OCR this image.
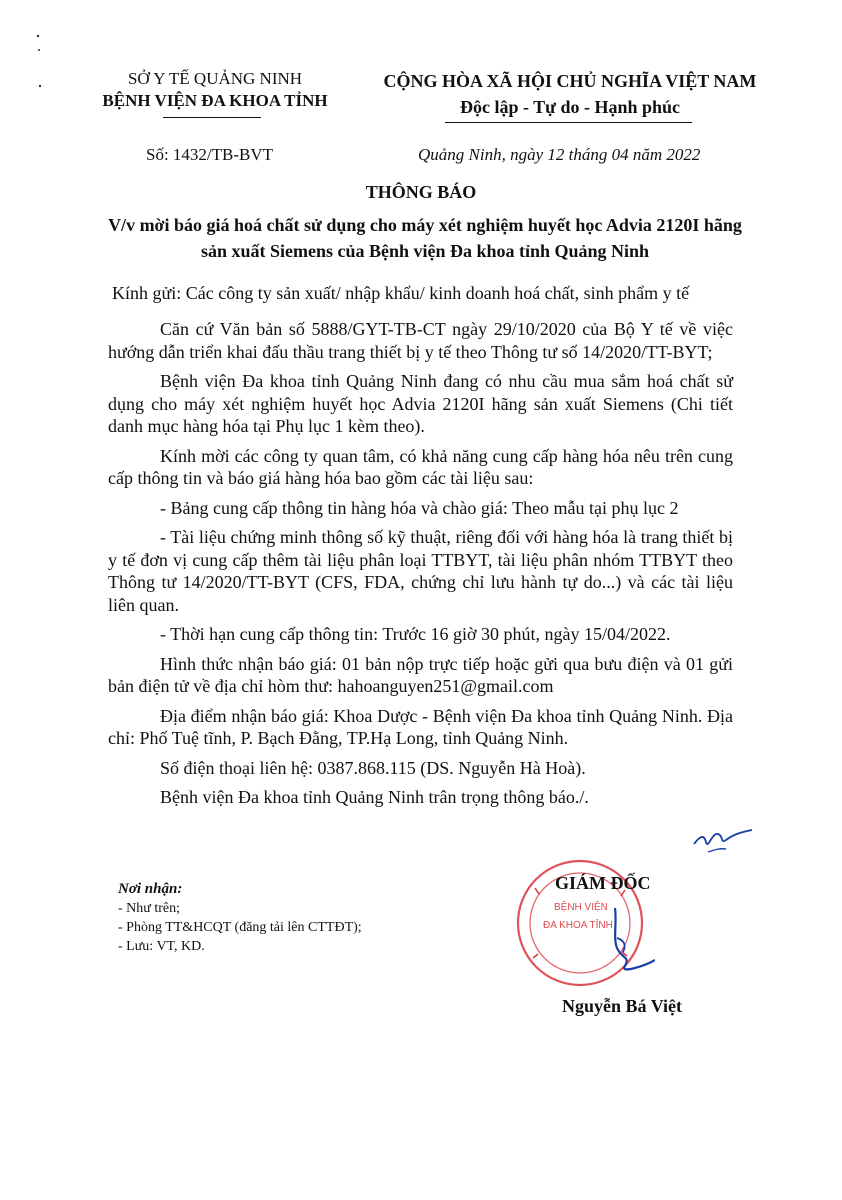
SỞ Y TẾ QUẢNG NINH
BỆNH VIỆN ĐA KHOA TỈNH
CỘNG HÒA XÃ HỘI CHỦ NGHĨA VIỆT NAM
Độc lập - Tự do - Hạnh phúc
Số: 1432/TB-BVT	Quảng Ninh, ngày 12 tháng 04 năm 2022
THÔNG BÁO
V/v mời báo giá hoá chất sử dụng cho máy xét nghiệm huyết học Advia 2120I hãng sản xuất Siemens của Bệnh viện Đa khoa tỉnh Quảng Ninh
Kính gửi: Các công ty sản xuất/ nhập khẩu/ kinh doanh hoá chất, sinh phẩm y tế

Căn cứ Văn bản số 5888/GYT-TB-CT ngày 29/10/2020 của Bộ Y tế về việc hướng dẫn triển khai đấu thầu trang thiết bị y tế theo Thông tư số 14/2020/TT-BYT;

Bệnh viện Đa khoa tỉnh Quảng Ninh đang có nhu cầu mua sắm hoá chất sử dụng cho máy xét nghiệm huyết học Advia 2120I hãng sản xuất Siemens (Chi tiết danh mục hàng hóa tại Phụ lục 1 kèm theo).

Kính mời các công ty quan tâm, có khả năng cung cấp hàng hóa nêu trên cung cấp thông tin và báo giá hàng hóa bao gồm các tài liệu sau:

- Bảng cung cấp thông tin hàng hóa và chào giá: Theo mẫu tại phụ lục 2

- Tài liệu chứng minh thông số kỹ thuật, riêng đối với hàng hóa là trang thiết bị y tế đơn vị cung cấp thêm tài liệu phân loại TTBYT, tài liệu phân nhóm TTBYT theo Thông tư 14/2020/TT-BYT (CFS, FDA, chứng chỉ lưu hành tự do...) và các tài liệu liên quan.

- Thời hạn cung cấp thông tin: Trước 16 giờ 30 phút, ngày 15/04/2022.

Hình thức nhận báo giá: 01 bản nộp trực tiếp hoặc gửi qua bưu điện và 01 gửi bản điện tử về địa chỉ hòm thư: hahoanguyen251@gmail.com

Địa điểm nhận báo giá: Khoa Dược - Bệnh viện Đa khoa tỉnh Quảng Ninh. Địa chỉ: Phố Tuệ tĩnh, P. Bạch Đằng, TP.Hạ Long, tỉnh Quảng Ninh.

Số điện thoại liên hệ: 0387.868.115 (DS. Nguyễn Hà Hoà).

Bệnh viện Đa khoa tỉnh Quảng Ninh trân trọng thông báo./.

Nơi nhận:
- Như trên;
- Phòng TT&HCQT (đăng tải lên CTTĐT);
- Lưu: VT, KD.
BỆNH VIỆN
ĐA KHOA TỈNH
GIÁM ĐỐC
Nguyễn Bá Việt
